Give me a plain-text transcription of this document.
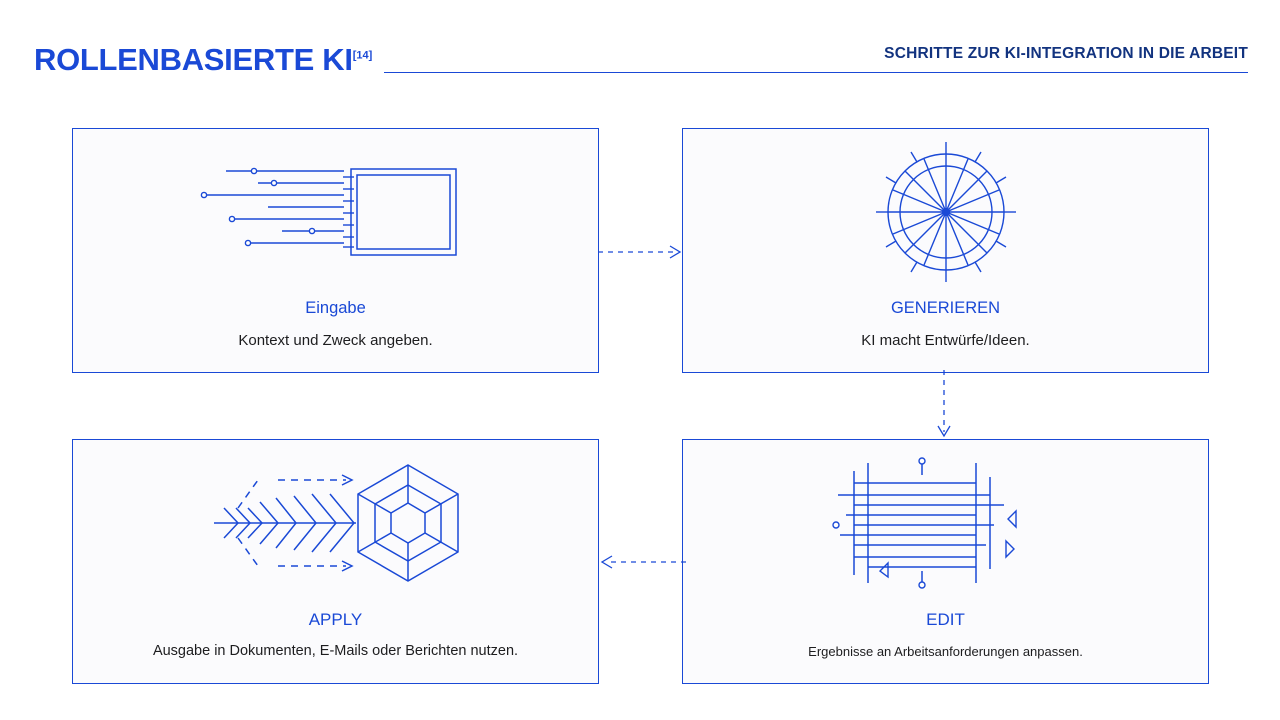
ROLLENBASIERTE KI[14]	SCHRITTE ZUR KI-INTEGRATION IN DIE ARBEIT
Eingabe
Kontext und Zweck angeben.
GENERIEREN
KI macht Entwürfe/Ideen.
APPLY
Ausgabe in Dokumenten, E-Mails oder Berichten nutzen.
EDIT
Ergebnisse an Arbeitsanforderungen anpassen.
